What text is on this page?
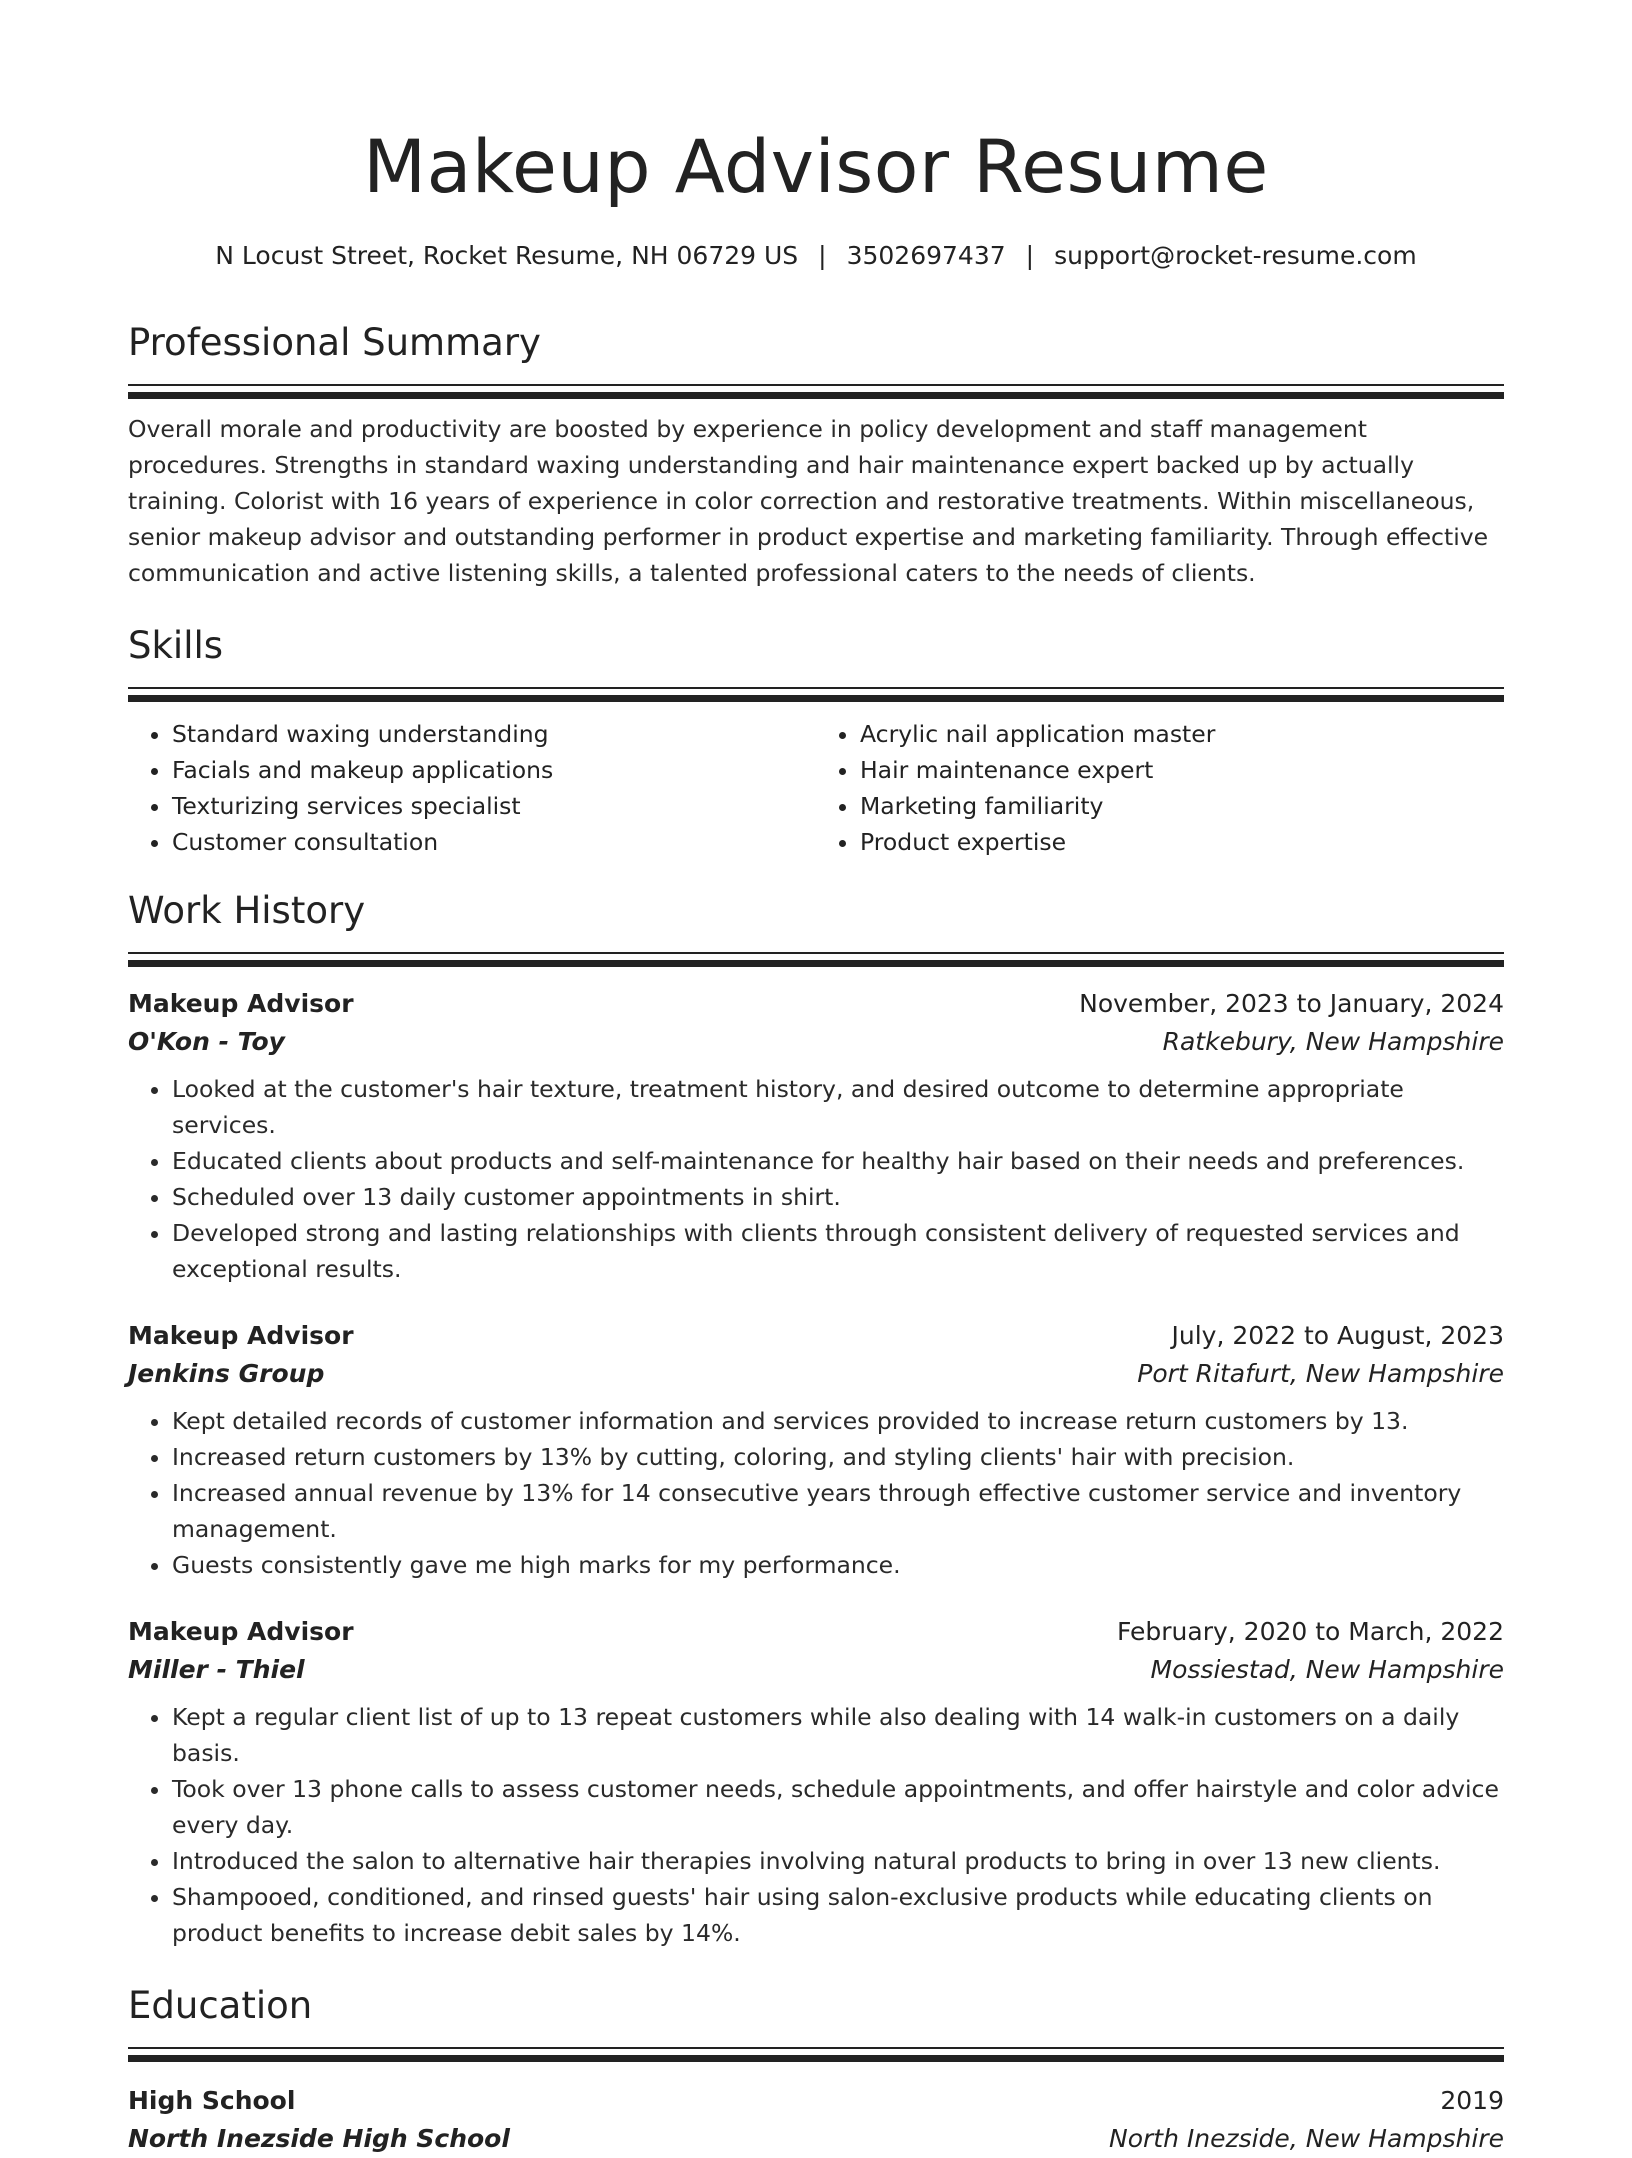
Makeup Advisor Resume
N Locust Street, Rocket Resume, NH 06729 US | 3502697437 | support@rocket-resume.com
Professional Summary
Overall morale and productivity are boosted by experience in policy development and staff management procedures. Strengths in standard waxing understanding and hair maintenance expert backed up by actually training. Colorist with 16 years of experience in color correction and restorative treatments. Within miscellaneous, senior makeup advisor and outstanding performer in product expertise and marketing familiarity. Through effective communication and active listening skills, a talented professional caters to the needs of clients.
Skills
• Standard waxing understanding
• Facials and makeup applications
• Texturizing services specialist
• Customer consultation
• Acrylic nail application master
• Hair maintenance expert
• Marketing familiarity
• Product expertise
Work History
Makeup Advisor	November, 2023 to January, 2024
O'Kon - Toy	Ratkebury, New Hampshire
• Looked at the customer's hair texture, treatment history, and desired outcome to determine appropriate services.
• Educated clients about products and self-maintenance for healthy hair based on their needs and preferences.
• Scheduled over 13 daily customer appointments in shirt.
• Developed strong and lasting relationships with clients through consistent delivery of requested services and exceptional results.
Makeup Advisor	July, 2022 to August, 2023
Jenkins Group	Port Ritafurt, New Hampshire
• Kept detailed records of customer information and services provided to increase return customers by 13.
• Increased return customers by 13% by cutting, coloring, and styling clients' hair with precision.
• Increased annual revenue by 13% for 14 consecutive years through effective customer service and inventory management.
• Guests consistently gave me high marks for my performance.
Makeup Advisor	February, 2020 to March, 2022
Miller - Thiel	Mossiestad, New Hampshire
• Kept a regular client list of up to 13 repeat customers while also dealing with 14 walk-in customers on a daily basis.
• Took over 13 phone calls to assess customer needs, schedule appointments, and offer hairstyle and color advice every day.
• Introduced the salon to alternative hair therapies involving natural products to bring in over 13 new clients.
• Shampooed, conditioned, and rinsed guests' hair using salon-exclusive products while educating clients on product benefits to increase debit sales by 14%.
Education
High School	2019
North Inezside High School	North Inezside, New Hampshire
